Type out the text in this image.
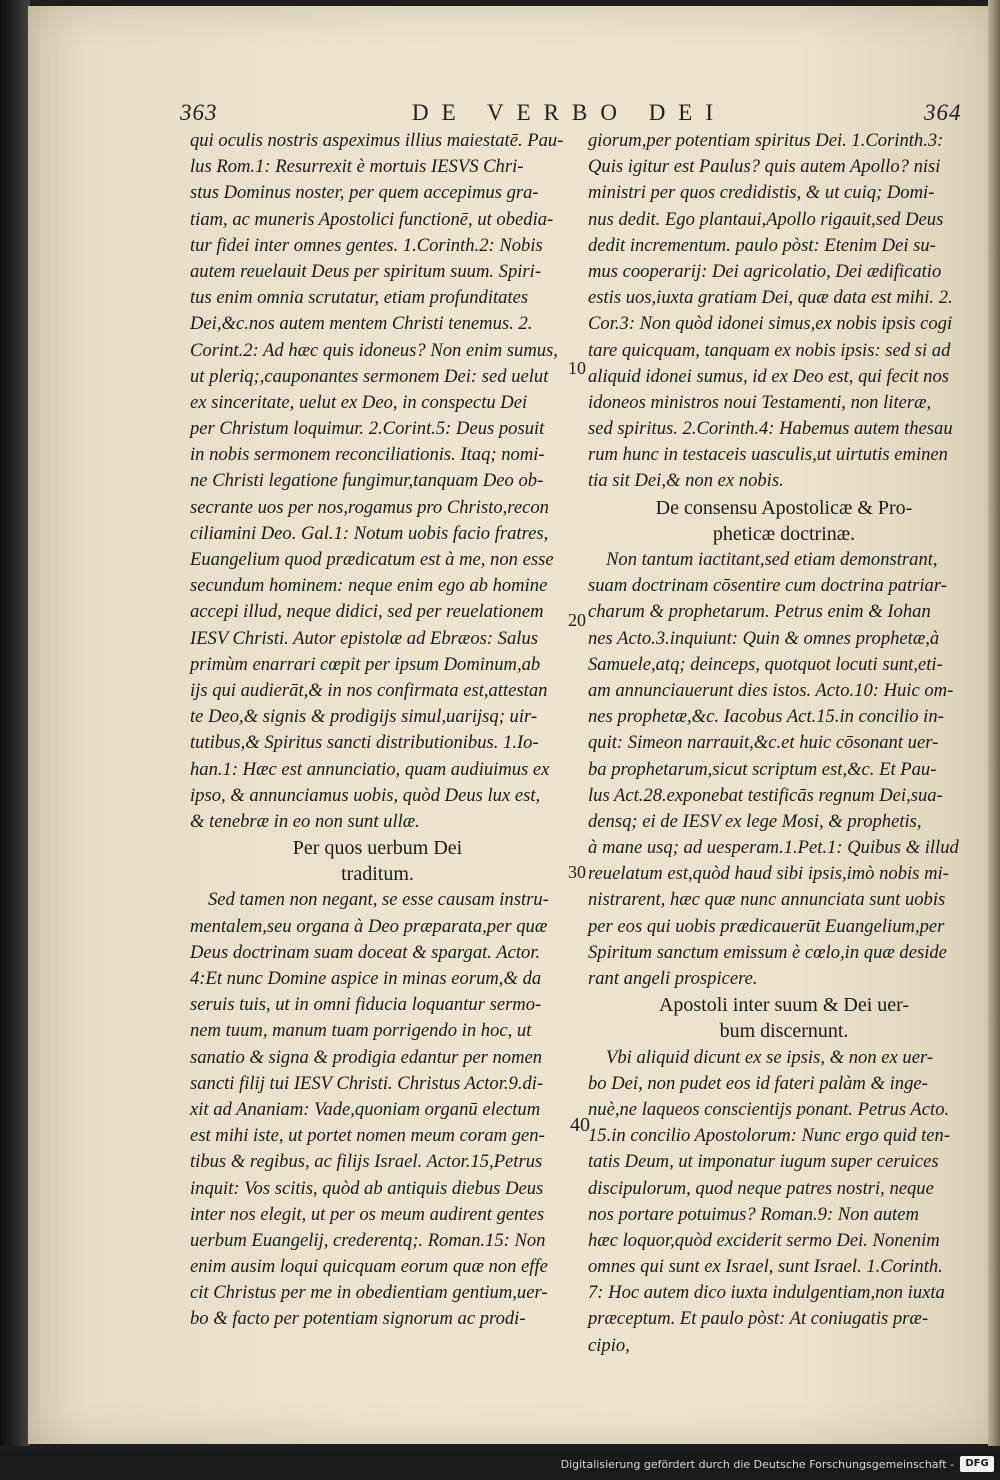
363	DE VERBO DEI	364
qui oculis nostris aspeximus illius maiestatē. Pau-
lus Rom.1: Resurrexit è mortuis IESVS Chri-
stus Dominus noster, per quem accepimus gra-
tiam, ac muneris Apostolici functionē, ut obedia-
tur fidei inter omnes gentes. 1.Corinth.2: Nobis
autem reuelauit Deus per spiritum suum. Spiri-
tus enim omnia scrutatur, etiam profunditates
Dei,&c.nos autem mentem Christi tenemus. 2.
Corint.2: Ad hæc quis idoneus? Non enim sumus,
ut pleriq;,cauponantes sermonem Dei: sed uelut
ex sinceritate, uelut ex Deo, in conspectu Dei
per Christum loquimur. 2.Corint.5: Deus posuit
in nobis sermonem reconciliationis. Itaq; nomi-
ne Christi legatione fungimur,tanquam Deo ob-
secrante uos per nos,rogamus pro Christo,recon
ciliamini Deo. Gal.1: Notum uobis facio fratres,
Euangelium quod prædicatum est à me, non esse
secundum hominem: neque enim ego ab homine
accepi illud, neque didici, sed per reuelationem
IESV Christi. Autor epistolæ ad Ebræos: Salus
primùm enarrari cœpit per ipsum Dominum,ab
ijs qui audierāt,& in nos confirmata est,attestan
te Deo,& signis & prodigijs simul,uarijsq; uir-
tutibus,& Spiritus sancti distributionibus. 1.Io-
han.1: Hæc est annunciatio, quam audiuimus ex
ipso, & annunciamus uobis, quòd Deus lux est,
& tenebræ in eo non sunt ullæ.
Per quos uerbum Dei
traditum.
Sed tamen non negant, se esse causam instru-
mentalem,seu organa à Deo præparata,per quæ
Deus doctrinam suam doceat & spargat. Actor.
4:Et nunc Domine aspice in minas eorum,& da
seruis tuis, ut in omni fiducia loquantur sermo-
nem tuum, manum tuam porrigendo in hoc, ut
sanatio & signa & prodigia edantur per nomen
sancti filij tui IESV Christi. Christus Actor.9.di-
xit ad Ananiam: Vade,quoniam organū electum
est mihi iste, ut portet nomen meum coram gen-
tibus & regibus, ac filijs Israel. Actor.15,Petrus
inquit: Vos scitis, quòd ab antiquis diebus Deus
inter nos elegit, ut per os meum audirent gentes
uerbum Euangelij, crederentq;. Roman.15: Non
enim ausim loqui quicquam eorum quæ non effe
cit Christus per me in obedientiam gentium,uer-
bo & facto per potentiam signorum ac prodi-
10
20
30
40
giorum,per potentiam spiritus Dei. 1.Corinth.3:
Quis igitur est Paulus? quis autem Apollo? nisi
ministri per quos credidistis, & ut cuiq; Domi-
nus dedit. Ego plantaui,Apollo rigauit,sed Deus
dedit incrementum. paulo pòst: Etenim Dei su-
mus cooperarij: Dei agricolatio, Dei ædificatio
estis uos,iuxta gratiam Dei, quæ data est mihi. 2.
Cor.3: Non quòd idonei simus,ex nobis ipsis cogi
tare quicquam, tanquam ex nobis ipsis: sed si ad
aliquid idonei sumus, id ex Deo est, qui fecit nos
idoneos ministros noui Testamenti, non literæ,
sed spiritus. 2.Corinth.4: Habemus autem thesau
rum hunc in testaceis uasculis,ut uirtutis eminen
tia sit Dei,& non ex nobis.
De consensu Apostolicæ & Pro-
pheticæ doctrinæ.
Non tantum iactitant,sed etiam demonstrant,
suam doctrinam cōsentire cum doctrina patriar-
charum & prophetarum. Petrus enim & Iohan
nes Acto.3.inquiunt: Quin & omnes prophetæ,à
Samuele,atq; deinceps, quotquot locuti sunt,eti-
am annunciauerunt dies istos. Acto.10: Huic om-
nes prophetæ,&c. Iacobus Act.15.in concilio in-
quit: Simeon narrauit,&c.et huic cōsonant uer-
ba prophetarum,sicut scriptum est,&c. Et Pau-
lus Act.28.exponebat testificās regnum Dei,sua-
densq; ei de IESV ex lege Mosi, & prophetis,
à mane usq; ad uesperam.1.Pet.1: Quibus & illud
reuelatum est,quòd haud sibi ipsis,imò nobis mi-
nistrarent, hæc quæ nunc annunciata sunt uobis
per eos qui uobis prædicauerūt Euangelium,per
Spiritum sanctum emissum è cœlo,in quæ deside
rant angeli prospicere.
Apostoli inter suum & Dei uer-
bum discernunt.
Vbi aliquid dicunt ex se ipsis, & non ex uer-
bo Dei, non pudet eos id fateri palàm & inge-
nuè,ne laqueos conscientijs ponant. Petrus Acto.
15.in concilio Apostolorum: Nunc ergo quid ten-
tatis Deum, ut imponatur iugum super ceruices
discipulorum, quod neque patres nostri, neque
nos portare potuimus? Roman.9: Non autem
hæc loquor,quòd exciderit sermo Dei. Nonenim
omnes qui sunt ex Israel, sunt Israel. 1.Corinth.
7: Hoc autem dico iuxta indulgentiam,non iuxta
præceptum. Et paulo pòst: At coniugatis præ-
cipio,
Digitalisierung gefördert durch die Deutsche Forschungsgemeinschaft -	DFG
